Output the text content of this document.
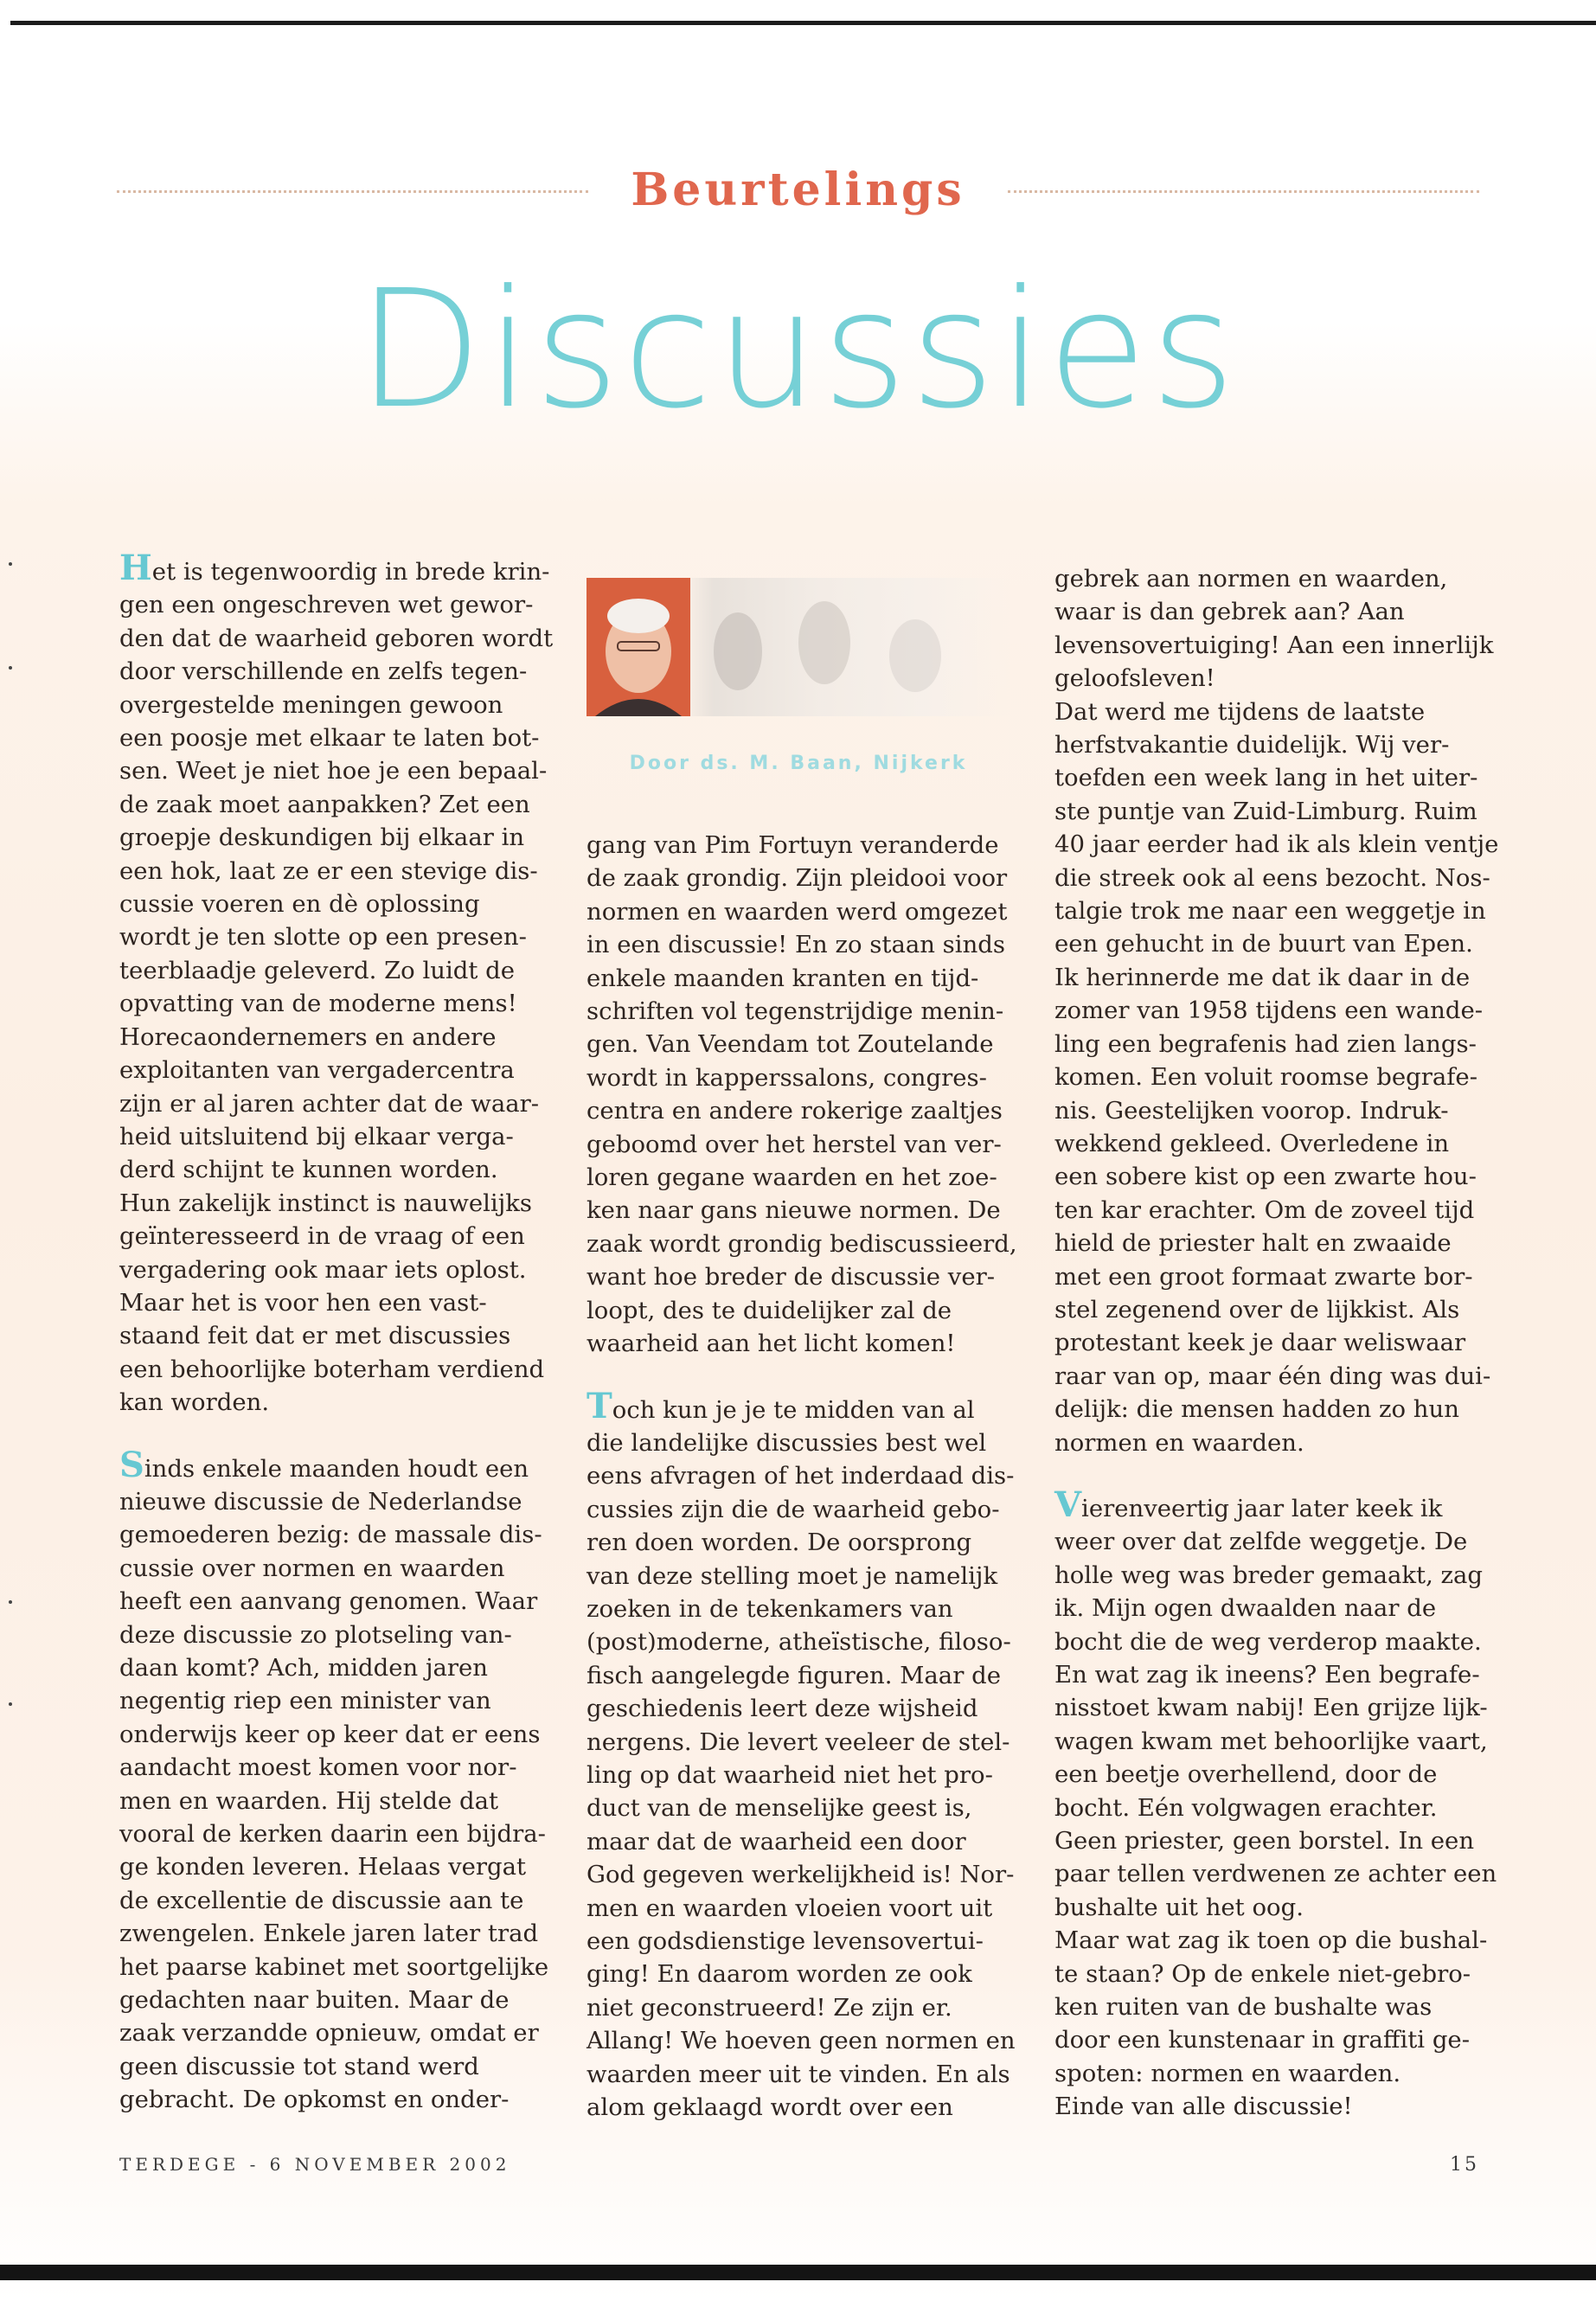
Beurtelings
Discussies

Het is tegenwoordig in brede krin-

gen een ongeschreven wet gewor-

den dat de waarheid geboren wordt

door verschillende en zelfs tegen-

overgestelde meningen gewoon

een poosje met elkaar te laten bot-

sen. Weet je niet hoe je een bepaal-

de zaak moet aanpakken? Zet een

groepje deskundigen bij elkaar in

een hok, laat ze er een stevige dis-

cussie voeren en dè oplossing

wordt je ten slotte op een presen-

teerblaadje geleverd. Zo luidt de

opvatting van de moderne mens!

Horecaondernemers en andere

exploitanten van vergadercentra

zijn er al jaren achter dat de waar-

heid uitsluitend bij elkaar verga-

derd schijnt te kunnen worden.

Hun zakelijk instinct is nauwelijks

geïnteresseerd in de vraag of een

vergadering ook maar iets oplost.

Maar het is voor hen een vast-

staand feit dat er met discussies

een behoorlijke boterham verdiend

kan worden.

Sinds enkele maanden houdt een

nieuwe discussie de Nederlandse

gemoederen bezig: de massale dis-

cussie over normen en waarden

heeft een aanvang genomen. Waar

deze discussie zo plotseling van-

daan komt? Ach, midden jaren

negentig riep een minister van

onderwijs keer op keer dat er eens

aandacht moest komen voor nor-

men en waarden. Hij stelde dat

vooral de kerken daarin een bijdra-

ge konden leveren. Helaas vergat

de excellentie de discussie aan te

zwengelen. Enkele jaren later trad

het paarse kabinet met soortgelijke

gedachten naar buiten. Maar de

zaak verzandde opnieuw, omdat er

geen discussie tot stand werd

gebracht. De opkomst en onder-

Door ds. M. Baan, Nijkerk

gang van Pim Fortuyn veranderde

de zaak grondig. Zijn pleidooi voor

normen en waarden werd omgezet

in een discussie! En zo staan sinds

enkele maanden kranten en tijd-

schriften vol tegenstrijdige menin-

gen. Van Veendam tot Zoutelande

wordt in kapperssalons, congres-

centra en andere rokerige zaaltjes

geboomd over het herstel van ver-

loren gegane waarden en het zoe-

ken naar gans nieuwe normen. De

zaak wordt grondig bediscussieerd,

want hoe breder de discussie ver-

loopt, des te duidelijker zal de

waarheid aan het licht komen!

Toch kun je je te midden van al

die landelijke discussies best wel

eens afvragen of het inderdaad dis-

cussies zijn die de waarheid gebo-

ren doen worden. De oorsprong

van deze stelling moet je namelijk

zoeken in de tekenkamers van

(post)moderne, atheïstische, filoso-

fisch aangelegde figuren. Maar de

geschiedenis leert deze wijsheid

nergens. Die levert veeleer de stel-

ling op dat waarheid niet het pro-

duct van de menselijke geest is,

maar dat de waarheid een door

God gegeven werkelijkheid is! Nor-

men en waarden vloeien voort uit

een godsdienstige levensovertui-

ging! En daarom worden ze ook

niet geconstrueerd! Ze zijn er.

Allang! We hoeven geen normen en

waarden meer uit te vinden. En als

alom geklaagd wordt over een

gebrek aan normen en waarden,

waar is dan gebrek aan? Aan

levensovertuiging! Aan een innerlijk

geloofsleven!

Dat werd me tijdens de laatste

herfstvakantie duidelijk. Wij ver-

toefden een week lang in het uiter-

ste puntje van Zuid-Limburg. Ruim

40 jaar eerder had ik als klein ventje

die streek ook al eens bezocht. Nos-

talgie trok me naar een weggetje in

een gehucht in de buurt van Epen.

Ik herinnerde me dat ik daar in de

zomer van 1958 tijdens een wande-

ling een begrafenis had zien langs-

komen. Een voluit roomse begrafe-

nis. Geestelijken voorop. Indruk-

wekkend gekleed. Overledene in

een sobere kist op een zwarte hou-

ten kar erachter. Om de zoveel tijd

hield de priester halt en zwaaide

met een groot formaat zwarte bor-

stel zegenend over de lijkkist. Als

protestant keek je daar weliswaar

raar van op, maar één ding was dui-

delijk: die mensen hadden zo hun

normen en waarden.

Vierenveertig jaar later keek ik

weer over dat zelfde weggetje. De

holle weg was breder gemaakt, zag

ik. Mijn ogen dwaalden naar de

bocht die de weg verderop maakte.

En wat zag ik ineens? Een begrafe-

nisstoet kwam nabij! Een grijze lijk-

wagen kwam met behoorlijke vaart,

een beetje overhellend, door de

bocht. Eén volgwagen erachter.

Geen priester, geen borstel. In een

paar tellen verdwenen ze achter een

bushalte uit het oog.

Maar wat zag ik toen op die bushal-

te staan? Op de enkele niet-gebro-

ken ruiten van de bushalte was

door een kunstenaar in graffiti ge-

spoten: normen en waarden.

Einde van alle discussie!

TERDEGE - 6 NOVEMBER 2002	15
